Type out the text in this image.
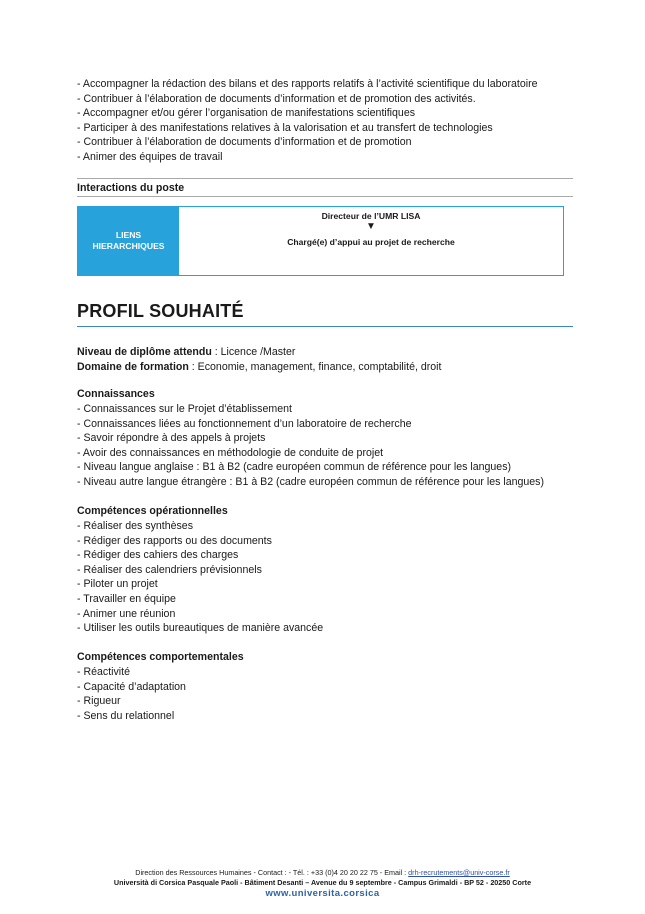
- Accompagner la rédaction des bilans et des rapports relatifs à l’activité scientifique du laboratoire
- Contribuer à l’élaboration de documents d’information et de promotion des activités.
- Accompagner et/ou gérer l’organisation de manifestations scientifiques
- Participer à des manifestations relatives à la valorisation et au transfert de technologies
- Contribuer à l’élaboration de documents d’information et de promotion
- Animer des équipes de travail
Interactions du poste
LIENS
HIERARCHIQUES
Directeur de l’UMR LISA
▼
Chargé(e) d’appui au projet de recherche
PROFIL SOUHAITÉ
Niveau de diplôme attendu : Licence /Master
Domaine de formation : Economie, management, finance, comptabilité, droit
Connaissances
- Connaissances sur le Projet d’établissement
- Connaissances liées au fonctionnement d’un laboratoire de recherche
- Savoir répondre à des appels à projets
- Avoir des connaissances en méthodologie de conduite de projet
- Niveau langue anglaise : B1 à B2 (cadre européen commun de référence pour les langues)
- Niveau autre langue étrangère : B1 à B2 (cadre européen commun de référence pour les langues)
Compétences opérationnelles
- Réaliser des synthèses
- Rédiger des rapports ou des documents
- Rédiger des cahiers des charges
- Réaliser des calendriers prévisionnels
- Piloter un projet
- Travailler en équipe
- Animer une réunion
- Utiliser les outils bureautiques de manière avancée
Compétences comportementales
- Réactivité
- Capacité d’adaptation
- Rigueur
- Sens du relationnel
Direction des Ressources Humaines - Contact : - Tél. : +33 (0)4 20 20 22 75 - Email : drh-recrutements@univ-corse.fr
Università di Corsica Pasquale Paoli - Bâtiment Desanti – Avenue du 9 septembre - Campus Grimaldi - BP 52 - 20250 Corte
www.universita.corsica
